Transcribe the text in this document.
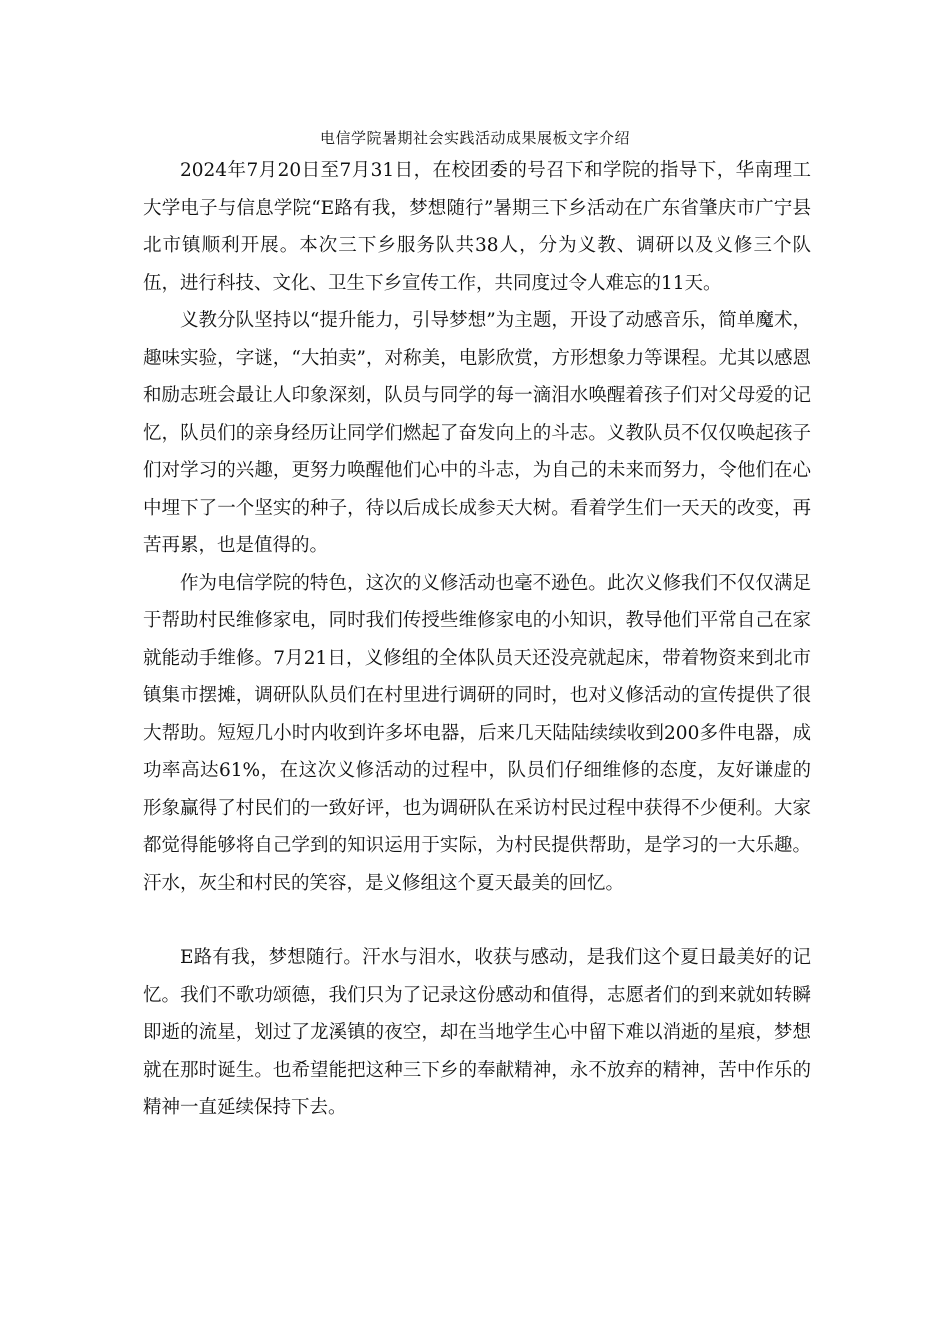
电信学院暑期社会实践活动成果展板文字介绍

2024年7月20日至7月31日，在校团委的号召下和学院的指导下，华南理工大学电子与信息学院“E路有我，梦想随行”暑期三下乡活动在广东省肇庆市广宁县北市镇顺利开展。本次三下乡服务队共38人，分为义教、调研以及义修三个队伍，进行科技、文化、卫生下乡宣传工作，共同度过令人难忘的11天。

义教分队坚持以“提升能力，引导梦想”为主题，开设了动感音乐，简单魔术，趣味实验，字谜，“大拍卖”，对称美，电影欣赏，方形想象力等课程。尤其以感恩和励志班会最让人印象深刻，队员与同学的每一滴泪水唤醒着孩子们对父母爱的记忆，队员们的亲身经历让同学们燃起了奋发向上的斗志。义教队员不仅仅唤起孩子们对学习的兴趣，更努力唤醒他们心中的斗志，为自己的未来而努力，令他们在心中埋下了一个坚实的种子，待以后成长成参天大树。看着学生们一天天的改变，再苦再累，也是值得的。

作为电信学院的特色，这次的义修活动也毫不逊色。此次义修我们不仅仅满足于帮助村民维修家电，同时我们传授些维修家电的小知识，教导他们平常自己在家就能动手维修。7月21日，义修组的全体队员天还没亮就起床，带着物资来到北市镇集市摆摊，调研队队员们在村里进行调研的同时，也对义修活动的宣传提供了很大帮助。短短几小时内收到许多坏电器，后来几天陆陆续续收到200多件电器，成功率高达61%，在这次义修活动的过程中，队员们仔细维修的态度，友好谦虚的形象赢得了村民们的一致好评，也为调研队在采访村民过程中获得不少便利。大家都觉得能够将自己学到的知识运用于实际，为村民提供帮助，是学习的一大乐趣。汗水，灰尘和村民的笑容，是义修组这个夏天最美的回忆。

E路有我，梦想随行。汗水与泪水，收获与感动，是我们这个夏日最美好的记忆。我们不歌功颂德，我们只为了记录这份感动和值得，志愿者们的到来就如转瞬即逝的流星，划过了龙溪镇的夜空，却在当地学生心中留下难以消逝的星痕，梦想就在那时诞生。也希望能把这种三下乡的奉献精神，永不放弃的精神，苦中作乐的精神一直延续保持下去。
